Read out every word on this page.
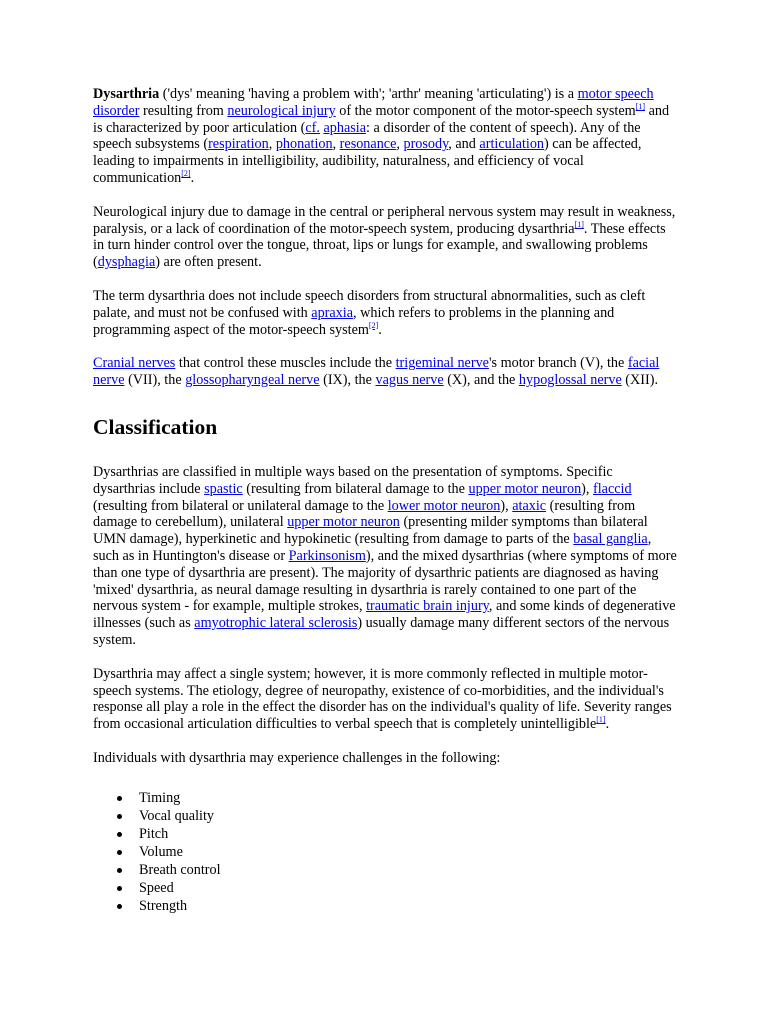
Dysarthria ('dys' meaning 'having a problem with'; 'arthr' meaning 'articulating') is a motor speech disorder resulting from neurological injury of the motor component of the motor-speech system[1] and is characterized by poor articulation (cf. aphasia: a disorder of the content of speech). Any of the speech subsystems (respiration, phonation, resonance, prosody, and articulation) can be affected, leading to impairments in intelligibility, audibility, naturalness, and efficiency of vocal communication[2].

Neurological injury due to damage in the central or peripheral nervous system may result in weakness, paralysis, or a lack of coordination of the motor-speech system, producing dysarthria[1]. These effects in turn hinder control over the tongue, throat, lips or lungs for example, and swallowing problems (dysphagia) are often present.

The term dysarthria does not include speech disorders from structural abnormalities, such as cleft palate, and must not be confused with apraxia, which refers to problems in the planning and programming aspect of the motor-speech system[2].

Cranial nerves that control these muscles include the trigeminal nerve's motor branch (V), the facial nerve (VII), the glossopharyngeal nerve (IX), the vagus nerve (X), and the hypoglossal nerve (XII).

Classification

Dysarthrias are classified in multiple ways based on the presentation of symptoms. Specific dysarthrias include spastic (resulting from bilateral damage to the upper motor neuron), flaccid (resulting from bilateral or unilateral damage to the lower motor neuron), ataxic (resulting from damage to cerebellum), unilateral upper motor neuron (presenting milder symptoms than bilateral UMN damage), hyperkinetic and hypokinetic (resulting from damage to parts of the basal ganglia, such as in Huntington's disease or Parkinsonism), and the mixed dysarthrias (where symptoms of more than one type of dysarthria are present). The majority of dysarthric patients are diagnosed as having 'mixed' dysarthria, as neural damage resulting in dysarthria is rarely contained to one part of the nervous system - for example, multiple strokes, traumatic brain injury, and some kinds of degenerative illnesses (such as amyotrophic lateral sclerosis) usually damage many different sectors of the nervous system.

Dysarthria may affect a single system; however, it is more commonly reflected in multiple motor-speech systems. The etiology, degree of neuropathy, existence of co-morbidities, and the individual's response all play a role in the effect the disorder has on the individual's quality of life. Severity ranges from occasional articulation difficulties to verbal speech that is completely unintelligible[1].

Individuals with dysarthria may experience challenges in the following:

Timing
Vocal quality
Pitch
Volume
Breath control
Speed
Strength
